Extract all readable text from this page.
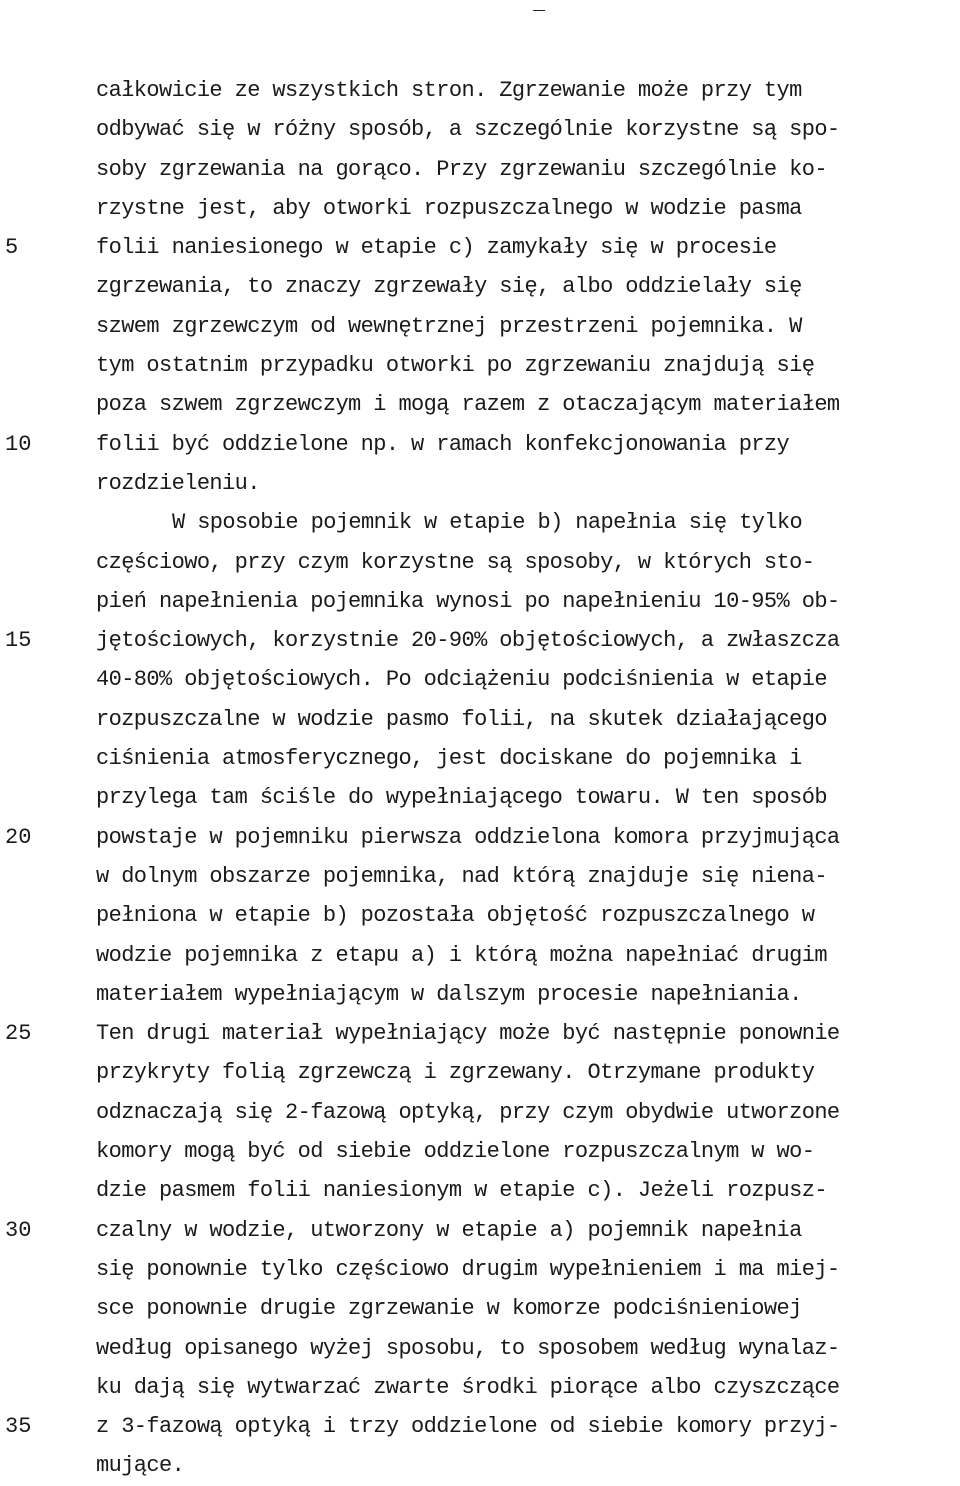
_
5
10
15
20
25
30
35
całkowicie ze wszystkich stron. Zgrzewanie może przy tym
odbywać się w różny sposób, a szczególnie korzystne są spo-
soby zgrzewania na gorąco. Przy zgrzewaniu szczególnie ko-
rzystne jest, aby otworki rozpuszczalnego w wodzie pasma
folii naniesionego w etapie c) zamykały się w procesie
zgrzewania, to znaczy zgrzewały się, albo oddzielały się
szwem zgrzewczym od wewnętrznej przestrzeni pojemnika. W
tym ostatnim przypadku otworki po zgrzewaniu znajdują się
poza szwem zgrzewczym i mogą razem z otaczającym materiałem
folii być oddzielone np. w ramach konfekcjonowania przy
rozdzieleniu.
W sposobie pojemnik w etapie b) napełnia się tylko
częściowo, przy czym korzystne są sposoby, w których sto-
pień napełnienia pojemnika wynosi po napełnieniu 10-95% ob-
jętościowych, korzystnie 20-90% objętościowych, a zwłaszcza
40-80% objętościowych. Po odciążeniu podciśnienia w etapie
rozpuszczalne w wodzie pasmo folii, na skutek działającego
ciśnienia atmosferycznego, jest dociskane do pojemnika i
przylega tam ściśle do wypełniającego towaru. W ten sposób
powstaje w pojemniku pierwsza oddzielona komora przyjmująca
w dolnym obszarze pojemnika, nad którą znajduje się niena-
pełniona w etapie b) pozostała objętość rozpuszczalnego w
wodzie pojemnika z etapu a) i którą można napełniać drugim
materiałem wypełniającym w dalszym procesie napełniania.
Ten drugi materiał wypełniający może być następnie ponownie
przykryty folią zgrzewczą i zgrzewany. Otrzymane produkty
odznaczają się 2-fazową optyką, przy czym obydwie utworzone
komory mogą być od siebie oddzielone rozpuszczalnym w wo-
dzie pasmem folii naniesionym w etapie c). Jeżeli rozpusz-
czalny w wodzie, utworzony w etapie a) pojemnik napełnia
się ponownie tylko częściowo drugim wypełnieniem i ma miej-
sce ponownie drugie zgrzewanie w komorze podciśnieniowej
według opisanego wyżej sposobu, to sposobem według wynalaz-
ku dają się wytwarzać zwarte środki piorące albo czyszczące
z 3-fazową optyką i trzy oddzielone od siebie komory przyj-
mujące.
